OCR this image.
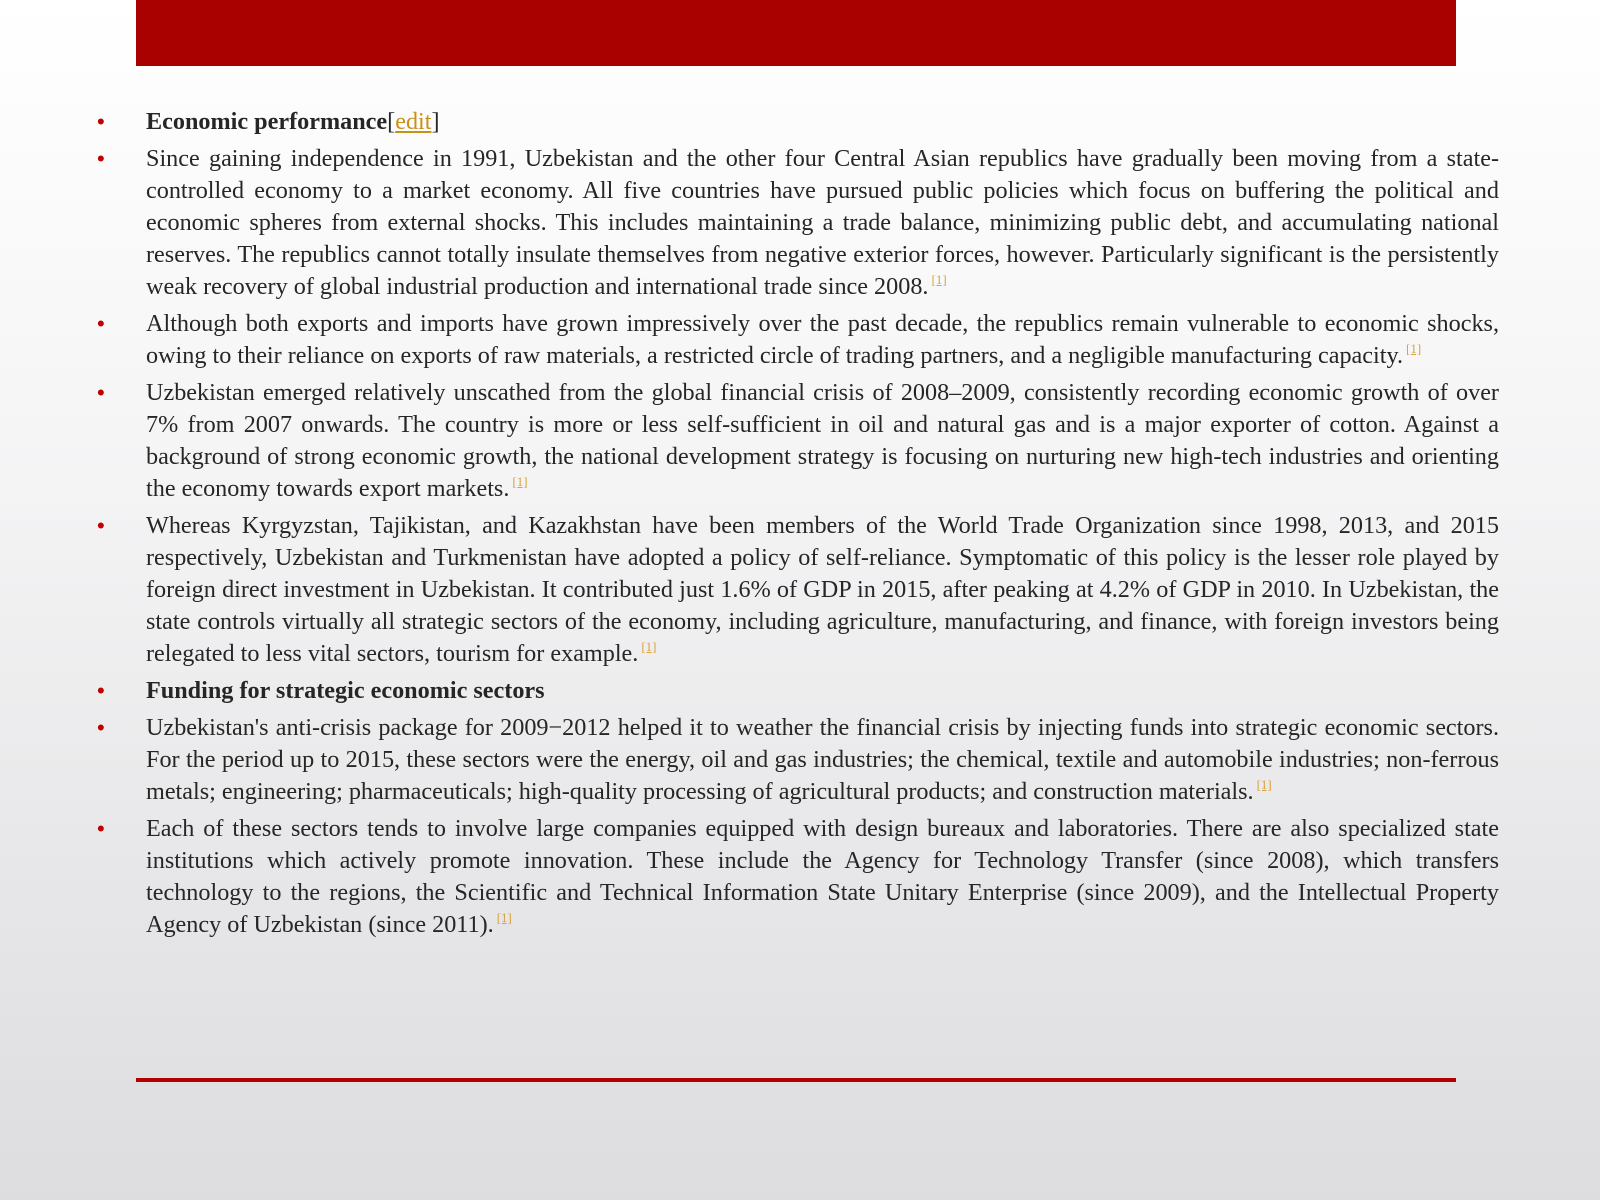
• Economic performance[edit]
• Since gaining independence in 1991, Uzbekistan and the other four Central Asian republics have gradually been moving from a state-controlled economy to a market economy. All five countries have pursued public policies which focus on buffering the political and economic spheres from external shocks. This includes maintaining a trade balance, minimizing public debt, and accumulating national reserves. The republics cannot totally insulate themselves from negative exterior forces, however. Particularly significant is the persistently weak recovery of global industrial production and international trade since 2008. [1]
• Although both exports and imports have grown impressively over the past decade, the republics remain vulnerable to economic shocks, owing to their reliance on exports of raw materials, a restricted circle of trading partners, and a negligible manufacturing capacity. [1]
• Uzbekistan emerged relatively unscathed from the global financial crisis of 2008–2009, consistently recording economic growth of over 7% from 2007 onwards. The country is more or less self-sufficient in oil and natural gas and is a major exporter of cotton. Against a background of strong economic growth, the national development strategy is focusing on nurturing new high-tech industries and orienting the economy towards export markets. [1]
• Whereas Kyrgyzstan, Tajikistan, and Kazakhstan have been members of the World Trade Organization since 1998, 2013, and 2015 respectively, Uzbekistan and Turkmenistan have adopted a policy of self-reliance. Symptomatic of this policy is the lesser role played by foreign direct investment in Uzbekistan. It contributed just 1.6% of GDP in 2015, after peaking at 4.2% of GDP in 2010. In Uzbekistan, the state controls virtually all strategic sectors of the economy, including agriculture, manufacturing, and finance, with foreign investors being relegated to less vital sectors, tourism for example. [1]
• Funding for strategic economic sectors
• Uzbekistan's anti-crisis package for 2009−2012 helped it to weather the financial crisis by injecting funds into strategic economic sectors. For the period up to 2015, these sectors were the energy, oil and gas industries; the chemical, textile and automobile industries; non-ferrous metals; engineering; pharmaceuticals; high-quality processing of agricultural products; and construction materials. [1]
• Each of these sectors tends to involve large companies equipped with design bureaux and laboratories. There are also specialized state institutions which actively promote innovation. These include the Agency for Technology Transfer (since 2008), which transfers technology to the regions, the Scientific and Technical Information State Unitary Enterprise (since 2009), and the Intellectual Property Agency of Uzbekistan (since 2011). [1]
